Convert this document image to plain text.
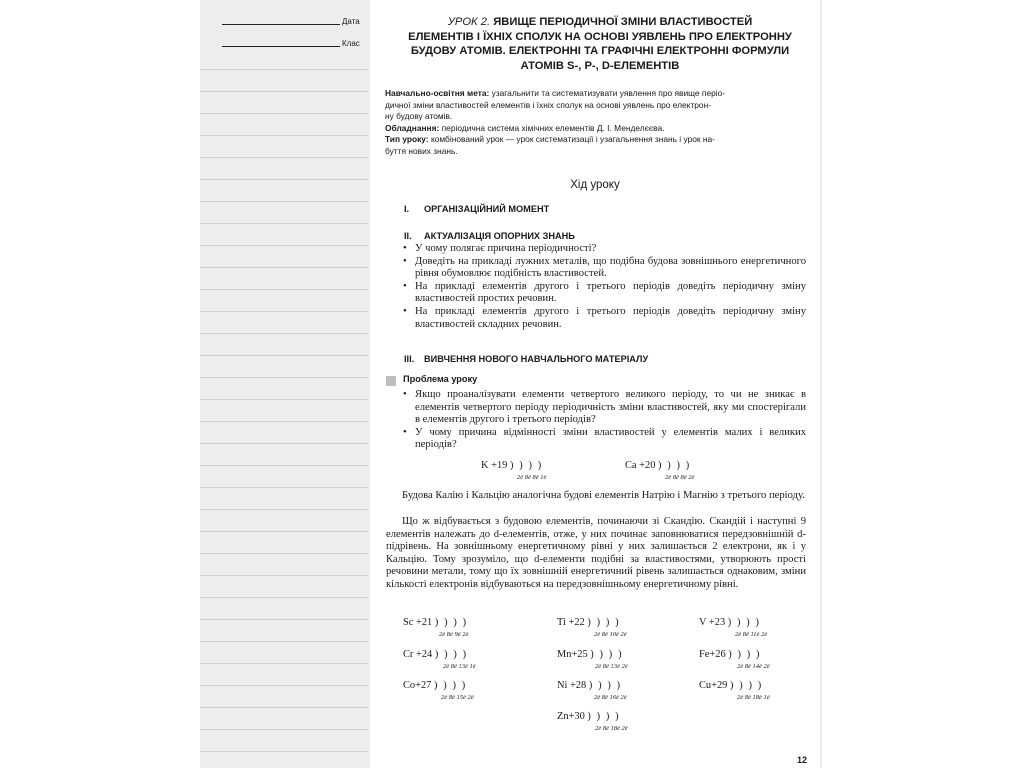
Дата
Клас
УРОК 2. ЯВИЩЕ ПЕРІОДИЧНОЇ ЗМІНИ ВЛАСТИВОСТЕЙ
ЕЛЕМЕНТІВ І ЇХНІХ СПОЛУК НА ОСНОВІ УЯВЛЕНЬ ПРО ЕЛЕКТРОННУ
БУДОВУ АТОМІВ. ЕЛЕКТРОННІ ТА ГРАФІЧНІ ЕЛЕКТРОННІ ФОРМУЛИ
АТОМІВ S-, P-, D-ЕЛЕМЕНТІВ
Навчально-освітня мета: узагальнити та систематизувати уявлення про явище періо-
дичної зміни властивостей елементів і їхніх сполук на основі уявлень про електрон-
ну будову атомів.
Обладнання: періодична система хімічних елементів Д. І. Менделєєва.
Тип уроку: комбінований урок — урок систематизації і узагальнення знань і урок на-
буття нових знань.
Хід уроку
I. ОРГАНІЗАЦІЙНИЙ МОМЕНТ
II. АКТУАЛІЗАЦІЯ ОПОРНИХ ЗНАНЬ
• У чому полягає причина періодичності?
• Доведіть на прикладі лужних металів, що подібна будова зовнішнього енергетичного рівня обумовлює подібність властивостей.
• На прикладі елементів другого і третього періодів доведіть періодичну зміну властивостей простих речовин.
• На прикладі елементів другого і третього періодів доведіть періодичну зміну властивостей складних речовин.
III. ВИВЧЕННЯ НОВОГО НАВЧАЛЬНОГО МАТЕРІАЛУ
Проблема уроку
• Якщо проаналізувати елементи четвертого великого періоду, то чи не зникає в елементів четвертого періоду періодичність зміни властивостей, яку ми спостерігали в елементів другого і третього періодів?
• У чому причина відмінності зміни властивостей у елементів малих і великих періодів?
K +19 ) ) ) )
2ē 8ē 8ē 1ē
Ca +20 ) ) ) )
2ē 8ē 8ē 2ē
Будова Калію і Кальцію аналогічна будові елементів Натрію і Магнію з третього періоду.
Що ж відбувається з будовою елементів, починаючи зі Скандію. Скандій і наступні 9 елементів належать до d-елементів, отже, у них починає заповнюватися передзовнішній d-підрівень. На зовнішньому енергетичному рівні у них залишається 2 електрони, як і у Кальцію. Тому зрозуміло, що d-елементи подібні за властивостями, утворюють прості речовини метали, тому що їх зовнішній енергетичний рівень залишається однаковим, зміни кількості електронів відбуваються на передзовнішньому енергетичному рівні.
Sc +21 ) ) ) )
2ē 8ē 9ē 2ē
Ti +22 ) ) ) )
2ē 8ē 10ē 2ē
V +23 ) ) ) )
2ē 8ē 11ē 2ē
Cr +24 ) ) ) )
2ē 8ē 13ē 1ē
Mn+25 ) ) ) )
2ē 8ē 13ē 2ē
Fe+26 ) ) ) )
2ē 8ē 14ē 2ē
Co+27 ) ) ) )
2ē 8ē 15ē 2ē
Ni +28 ) ) ) )
2ē 8ē 16ē 2ē
Cu+29 ) ) ) )
2ē 8ē 18ē 1ē
Zn+30 ) ) ) )
2ē 8ē 18ē 2ē
12
